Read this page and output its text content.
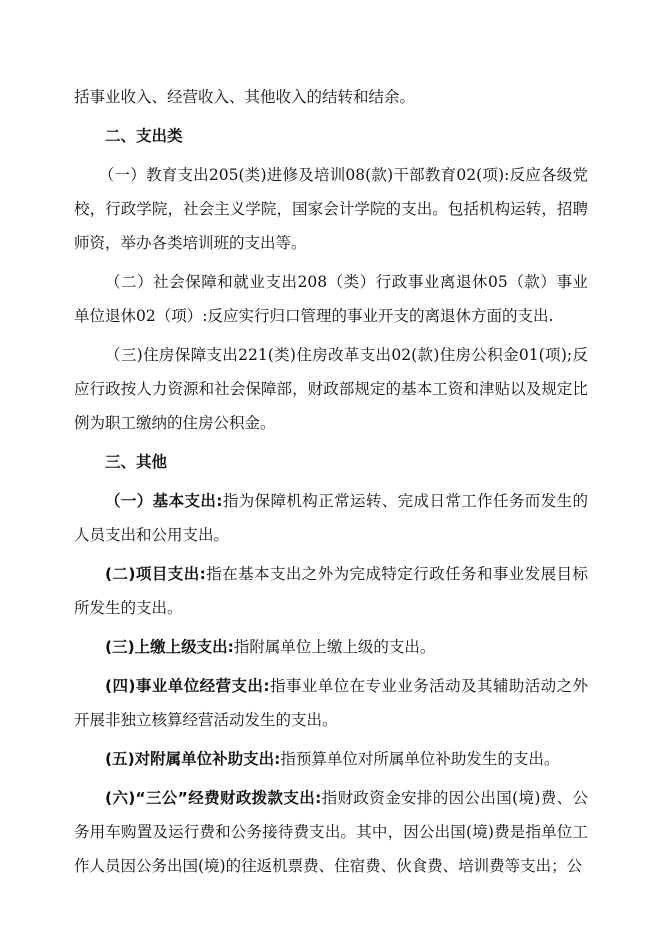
括事业收入、经营收入、其他收入的结转和结余。

二、支出类

（一）教育支出205(类)进修及培训08(款)干部教育02(项):反应各级党校，行政学院，社会主义学院，国家会计学院的支出。包括机构运转，招聘师资，举办各类培训班的支出等。

（二）社会保障和就业支出208（类）行政事业离退休05（款）事业单位退休02（项）:反应实行归口管理的事业开支的离退休方面的支出.

（三)住房保障支出221(类)住房改革支出02(款)住房公积金01(项);反应行政按人力资源和社会保障部，财政部规定的基本工资和津贴以及规定比例为职工缴纳的住房公积金。

三、其他

（一）基本支出:指为保障机构正常运转、完成日常工作任务而发生的人员支出和公用支出。

(二)项目支出:指在基本支出之外为完成特定行政任务和事业发展目标所发生的支出。

(三)上缴上级支出:指附属单位上缴上级的支出。

(四)事业单位经营支出:指事业单位在专业业务活动及其辅助活动之外开展非独立核算经营活动发生的支出。

(五)对附属单位补助支出:指预算单位对所属单位补助发生的支出。

(六)“三公”经费财政拨款支出:指财政资金安排的因公出国(境)费、公务用车购置及运行费和公务接待费支出。其中，因公出国(境)费是指单位工作人员因公务出国(境)的往返机票费、住宿费、伙食费、培训费等支出；公
